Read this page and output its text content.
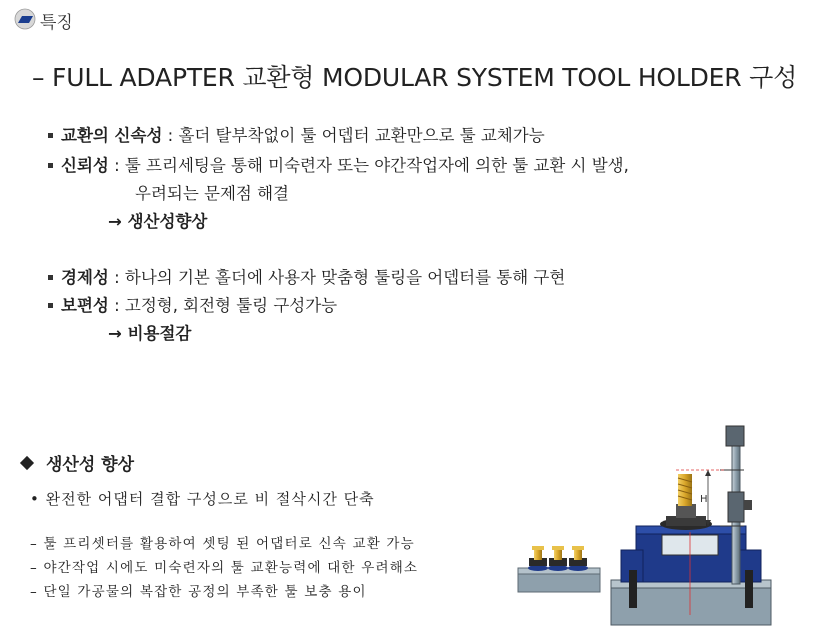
특징
– FULL ADAPTER 교환형 MODULAR SYSTEM TOOL HOLDER 구성
교환의 신속성 : 홀더 탈부착없이 툴 어뎁터 교환만으로 툴 교체가능
신뢰성 : 툴 프리세팅을 통해 미숙련자 또는 야간작업자에 의한 툴 교환 시 발생,
우려되는 문제점 해결
→ 생산성향상
경제성 : 하나의 기본 홀더에 사용자 맞춤형 툴링을 어뎁터를 통해 구현
보편성 : 고정형, 회전형 툴링 구성가능
→ 비용절감
생산성 향상
• 완전한 어댑터 결합 구성으로 비 절삭시간 단축
– 툴 프리셋터를 활용하여 셋팅 된 어댑터로 신속 교환 가능
– 야간작업 시에도 미숙련자의 툴 교환능력에 대한 우려해소
– 단일 가공물의 복잡한 공정의 부족한 툴 보충 용이
H
